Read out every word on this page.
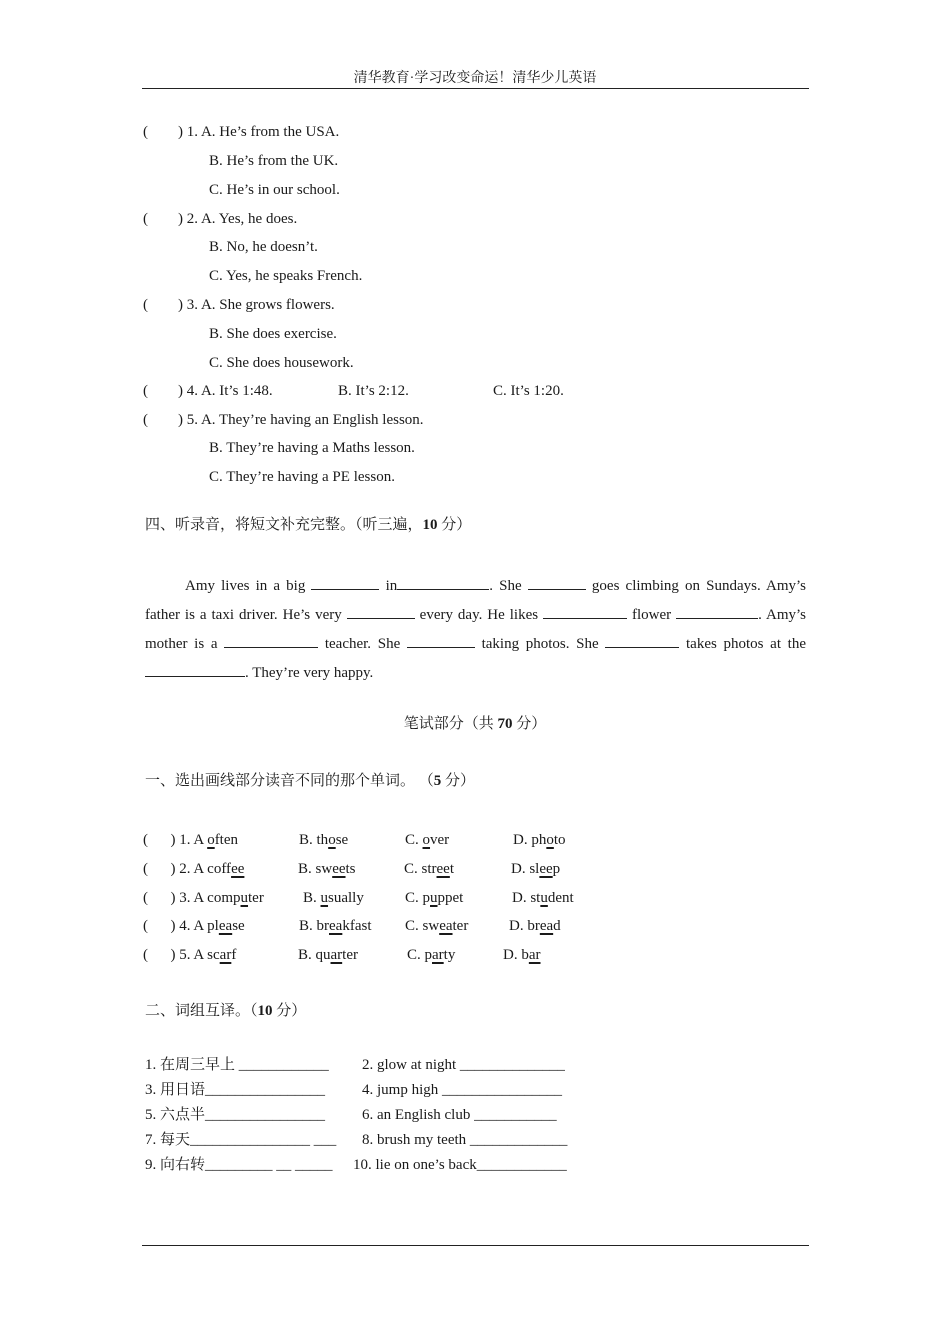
清华教育·学习改变命运！清华少儿英语
(        ) 1. A. He’s from the USA.
B. He’s from the UK.
C. He’s in our school.
(        ) 2. A. Yes, he does.
B. No, he doesn’t.
C. Yes, he speaks French.
(        ) 3. A. She grows flowers.
B. She does exercise.
C. She does housework.
(        ) 4. A. It’s 1:48.	B. It’s 2:12.	C. It’s 1:20.
(        ) 5. A. They’re having an English lesson.
B. They’re having a Maths lesson.
C. They’re having a PE lesson.
四、听录音，将短文补充完整。（听三遍，10 分）
Amy lives in a big	in	. She	goes climbing on Sundays. Amy’s father is a taxi driver. He’s very	every day. He likes	flower	. Amy’s mother is a	teacher. She	taking photos. She	takes photos at the . They’re very happy.
笔试部分（共 70 分）
一、选出画线部分读音不同的那个单词。 （5 分）
(      ) 1. A often	B. those	C. over	D. photo
(      ) 2. A coffee	B. sweets	C. street	D. sleep
(      ) 3. A computer	B. usually	C. puppet	D. student
(      ) 4. A please	B. breakfast C. sweater	D. bread
(      ) 5. A scarf	B. quarter	C. party	D. bar
二、词组互译。（10 分）
1. 在周三早上 ____________ 2. glow at night ______________
3. 用日语________________ 4. jump high ________________
5. 六点半________________ 6. an English club ___________
7. 每天________________ ___ 8. brush my teeth _____________
9. 向右转_________ __ _____ 10. lie on one’s back____________
